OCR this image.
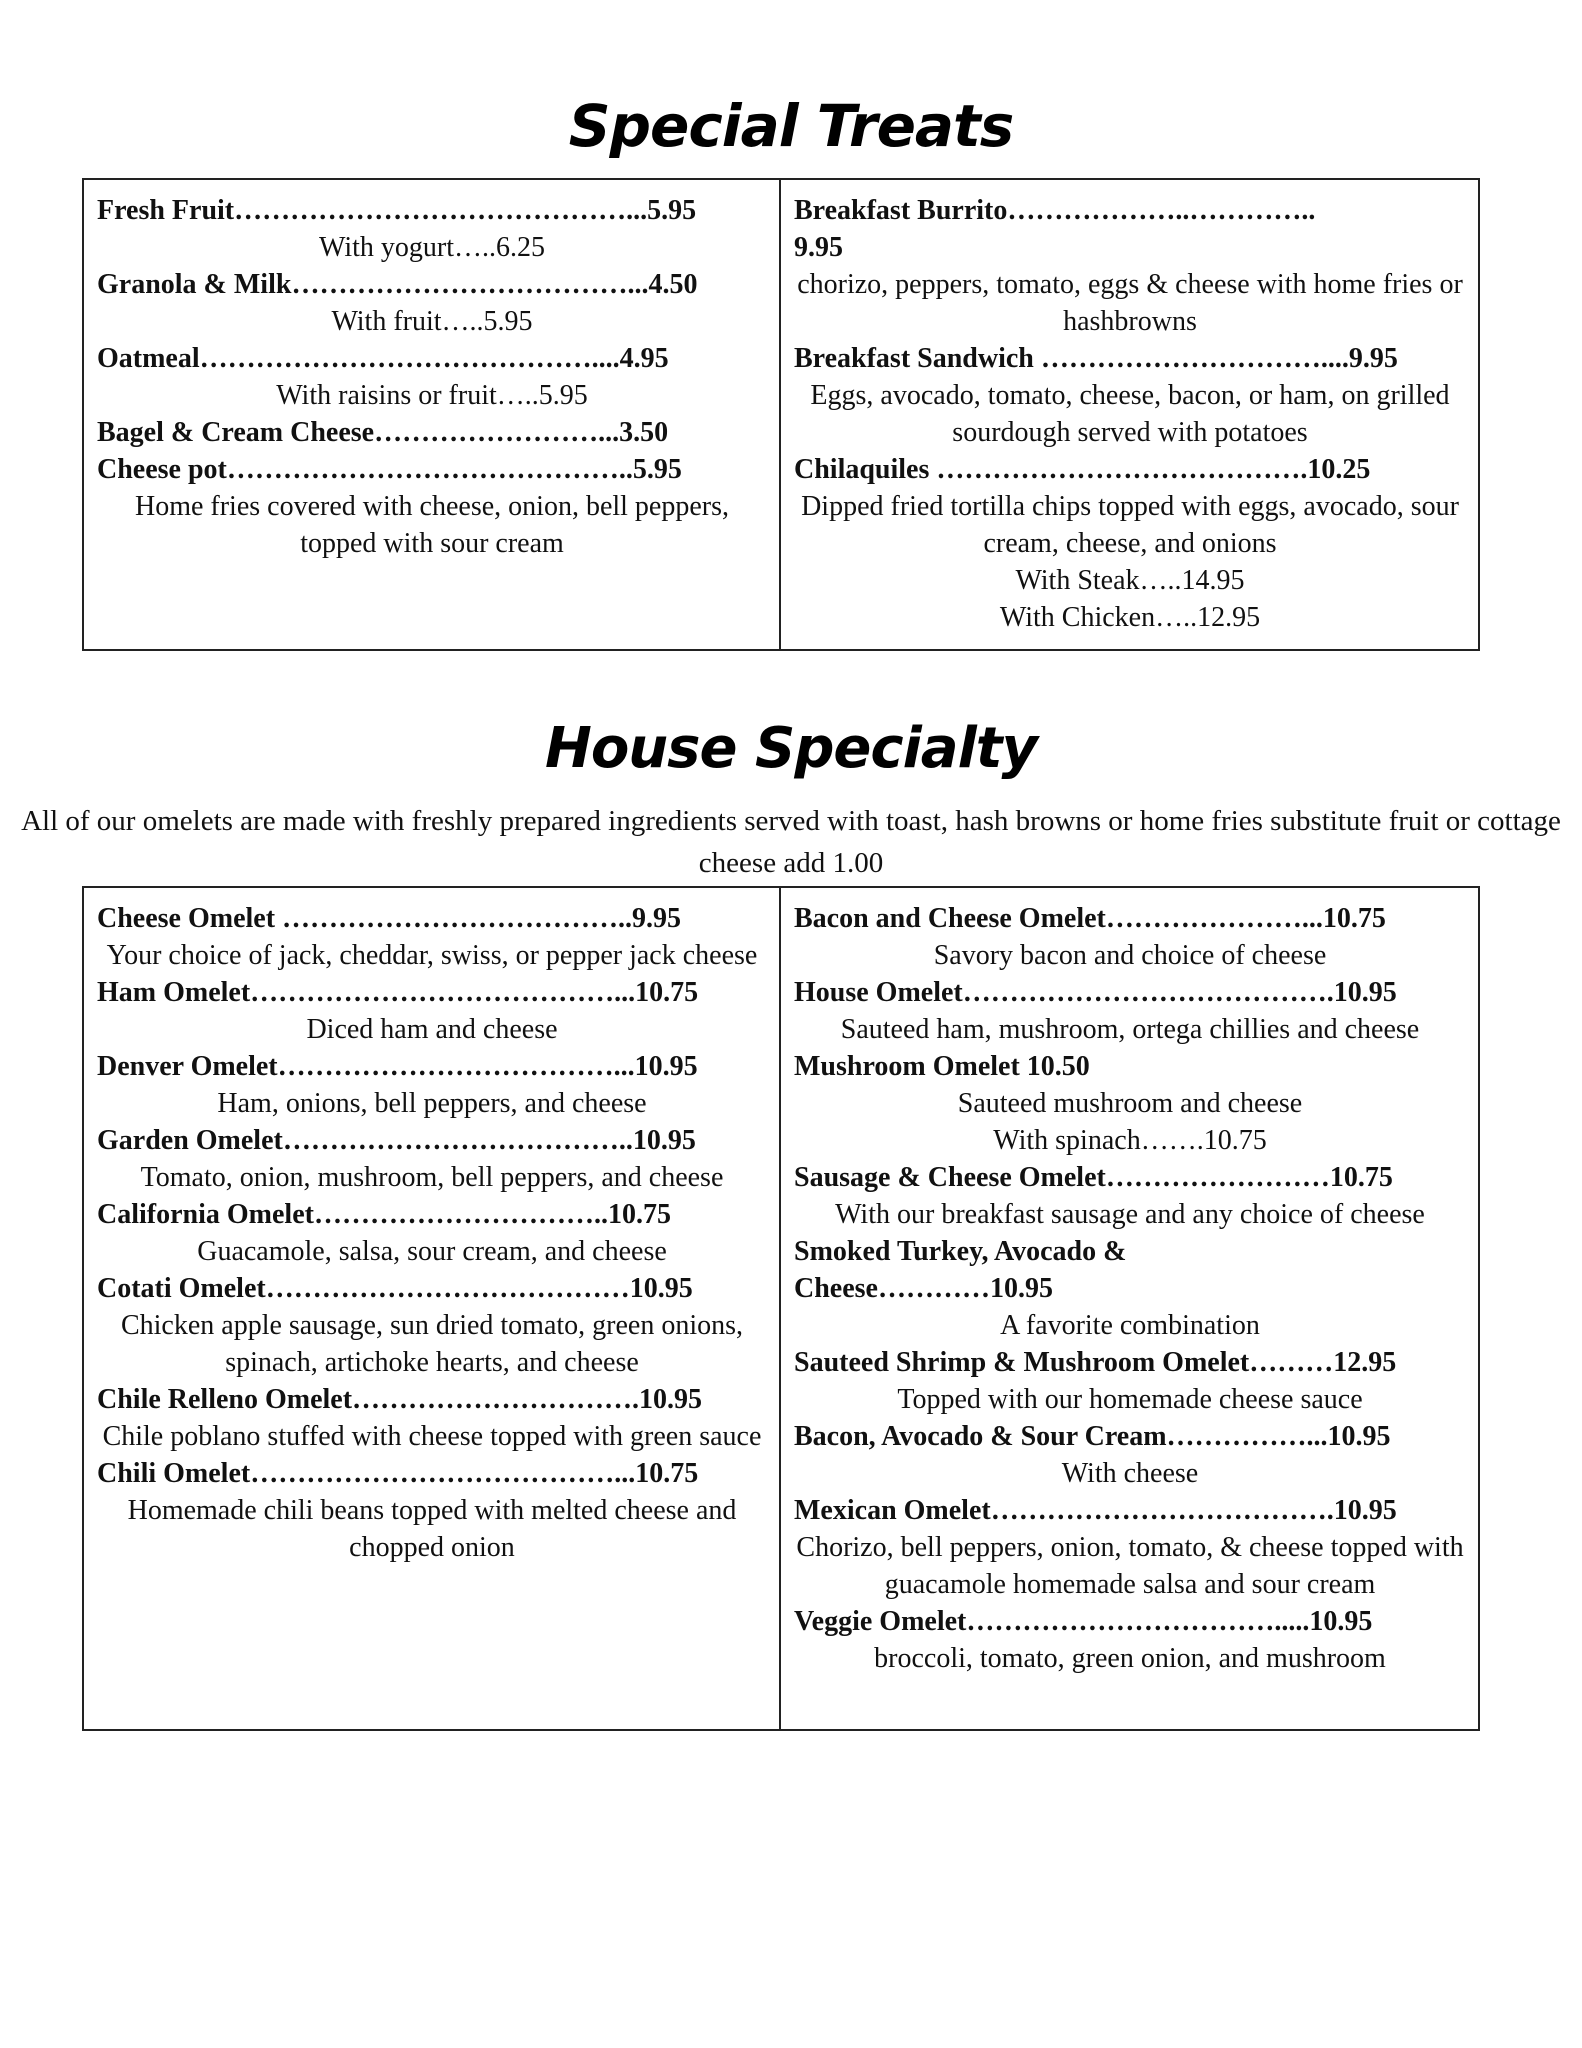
Special Treats
Fresh Fruit……………………………………...5.95
With yogurt…..6.25
Granola & Milk………………………………...4.50
With fruit…..5.95
Oatmeal……………………………………....4.95
With raisins or fruit…..5.95
Bagel & Cream Cheese……………………...3.50
Cheese pot……………………………………..5.95
Home fries covered with cheese, onion, bell peppers, topped with sour cream
Breakfast Burrito………………..…………..
9.95
chorizo, peppers, tomato, eggs & cheese with home fries or hashbrowns
Breakfast Sandwich …………………………....9.95
Eggs, avocado, tomato, cheese, bacon, or ham, on grilled sourdough served with potatoes
Chilaquiles ………………………………….10.25
Dipped fried tortilla chips topped with eggs, avocado, sour cream, cheese, and onions
With Steak…..14.95
With Chicken…..12.95
House Specialty
All of our omelets are made with freshly prepared ingredients served with toast, hash browns or home fries substitute fruit or cottage cheese add 1.00
Cheese Omelet ………………………………..9.95
Your choice of jack, cheddar, swiss, or pepper jack cheese
Ham Omelet…………………………………...10.75
Diced ham and cheese
Denver Omelet………………………………...10.95
Ham, onions, bell peppers, and cheese
Garden Omelet………………………………..10.95
Tomato, onion, mushroom, bell peppers, and cheese
California Omelet…………………………..10.75
Guacamole, salsa, sour cream, and cheese
Cotati Omelet…………………………………10.95
Chicken apple sausage, sun dried tomato, green onions, spinach, artichoke hearts, and cheese
Chile Relleno Omelet………………………….10.95
Chile poblano stuffed with cheese topped with green sauce
Chili Omelet…………………………………...10.75
Homemade chili beans topped with melted cheese and chopped onion
Bacon and Cheese Omelet…………………...10.75
Savory bacon and choice of cheese
House Omelet………………………………….10.95
Sauteed ham, mushroom, ortega chillies and cheese
Mushroom Omelet 10.50
Sauteed mushroom and cheese
With spinach…….10.75
Sausage & Cheese Omelet……………………10.75
With our breakfast sausage and any choice of cheese
Smoked Turkey, Avocado &
Cheese…………10.95
A favorite combination
Sauteed Shrimp & Mushroom Omelet………12.95
Topped with our homemade cheese sauce
Bacon, Avocado & Sour Cream……………...10.95
With cheese
Mexican Omelet……………………………….10.95
Chorizo, bell peppers, onion, tomato, & cheese topped with guacamole homemade salsa and sour cream
Veggie Omelet…………………………….....10.95
broccoli, tomato, green onion, and mushroom
